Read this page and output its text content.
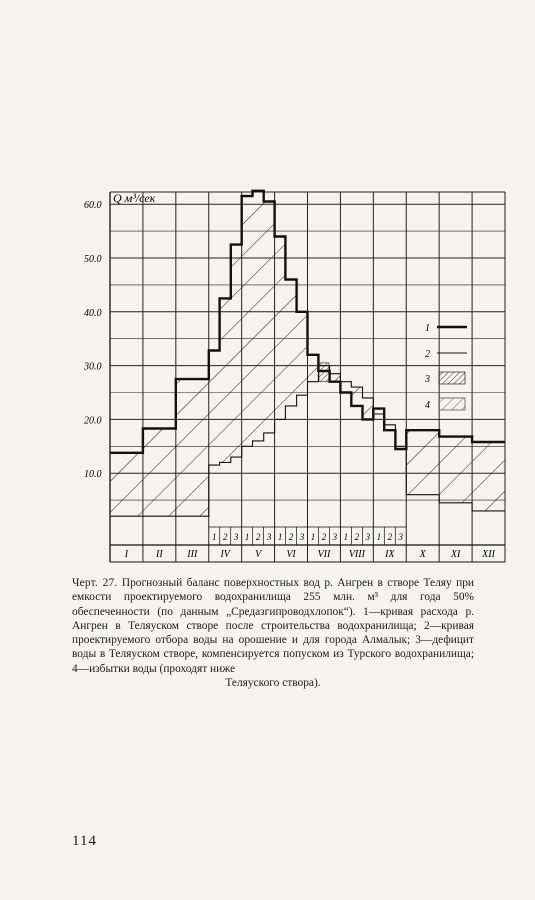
10.0
20.0
30.0
40.0
50.0
60.0
Q м³/сек
I	II III IV	V	VI VII VIII IX	X	XI XII
1 2 3 1 2 3 1 2 3 1 2 3 1 2 3 1 2 3
1
2
3
4

Черт. 27. Прогнозный баланс поверхностных вод р. Ангрен в створе Теляу при емкости проектируемого водохранилища 255 млн. м³ для года 50% обеспеченности (по данным „Средазгипроводхлопок“). 1—кривая расхода р. Ангрен в Теляуском створе после строительства водохранилища; 2—кривая проектируемого отбора воды на орошение и для города Алмалык; 3—дефицит воды в Теляуском створе, компенсируется попуском из Турского водохранилища; 4—избытки воды (проходят ниже
Теляуского створа).

114
